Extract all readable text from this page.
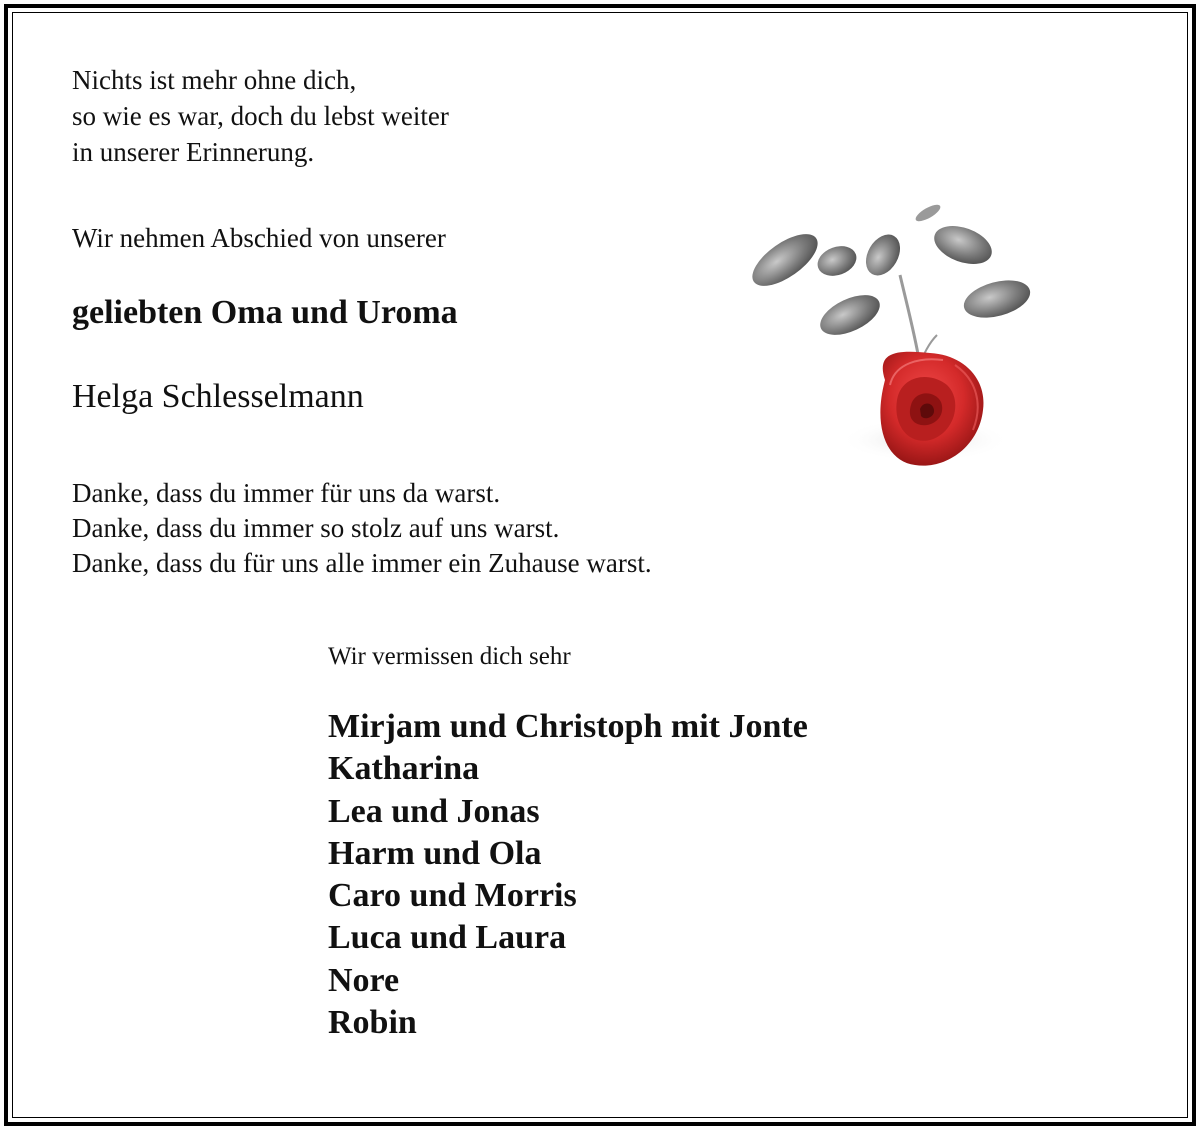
Nichts ist mehr ohne dich,
so wie es war, doch du lebst weiter
in unserer Erinnerung.
Wir nehmen Abschied von unserer
geliebten Oma und Uroma
Helga Schlesselmann
Danke, dass du immer für uns da warst.
Danke, dass du immer so stolz auf uns warst.
Danke, dass du für uns alle immer ein Zuhause warst.
Wir vermissen dich sehr
Mirjam und Christoph mit Jonte
Katharina
Lea und Jonas
Harm und Ola
Caro und Morris
Luca und Laura
Nore
Robin
